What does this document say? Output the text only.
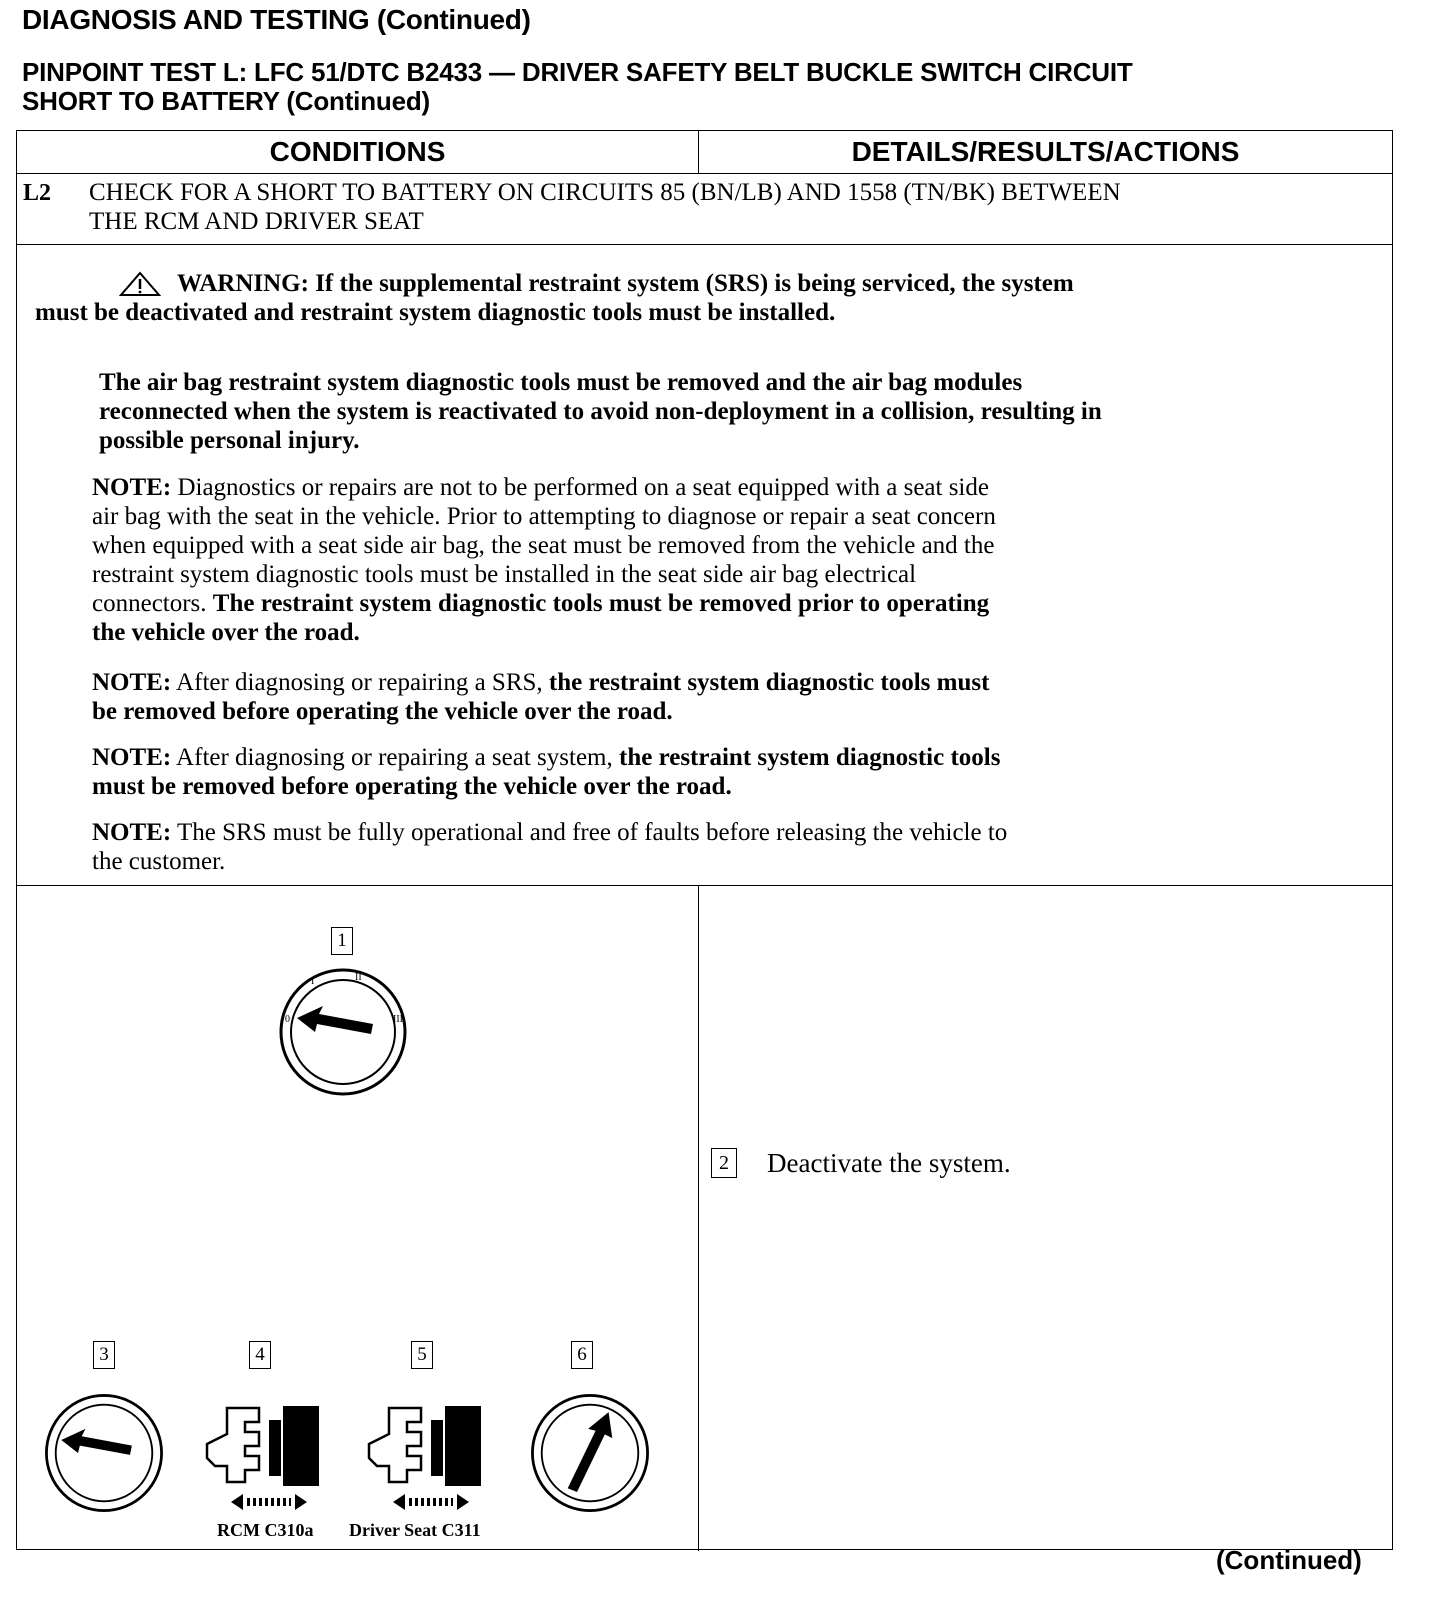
DIAGNOSIS AND TESTING (Continued)
PINPOINT TEST L: LFC 51/DTC B2433 — DRIVER SAFETY BELT BUCKLE SWITCH CIRCUIT
SHORT TO BATTERY (Continued)
CONDITIONS	DETAILS/RESULTS/ACTIONS
L2 CHECK FOR A SHORT TO BATTERY ON CIRCUITS 85 (BN/LB) AND 1558 (TN/BK) BETWEEN
THE RCM AND DRIVER SEAT
WARNING: If the supplemental restraint system (SRS) is being serviced, the system
must be deactivated and restraint system diagnostic tools must be installed.
The air bag restraint system diagnostic tools must be removed and the air bag modules
reconnected when the system is reactivated to avoid non-deployment in a collision, resulting in
possible personal injury.
NOTE: Diagnostics or repairs are not to be performed on a seat equipped with a seat side
air bag with the seat in the vehicle. Prior to attempting to diagnose or repair a seat concern
when equipped with a seat side air bag, the seat must be removed from the vehicle and the
restraint system diagnostic tools must be installed in the seat side air bag electrical
connectors. The restraint system diagnostic tools must be removed prior to operating
the vehicle over the road.
NOTE: After diagnosing or repairing a SRS, the restraint system diagnostic tools must
be removed before operating the vehicle over the road.
NOTE: After diagnosing or repairing a seat system, the restraint system diagnostic tools
must be removed before operating the vehicle over the road.
NOTE: The SRS must be fully operational and free of faults before releasing the vehicle to
the customer.
1
0
I	II
III
3	4	5	6
RCM C310a Driver Seat C311
2 Deactivate the system.
(Continued)
